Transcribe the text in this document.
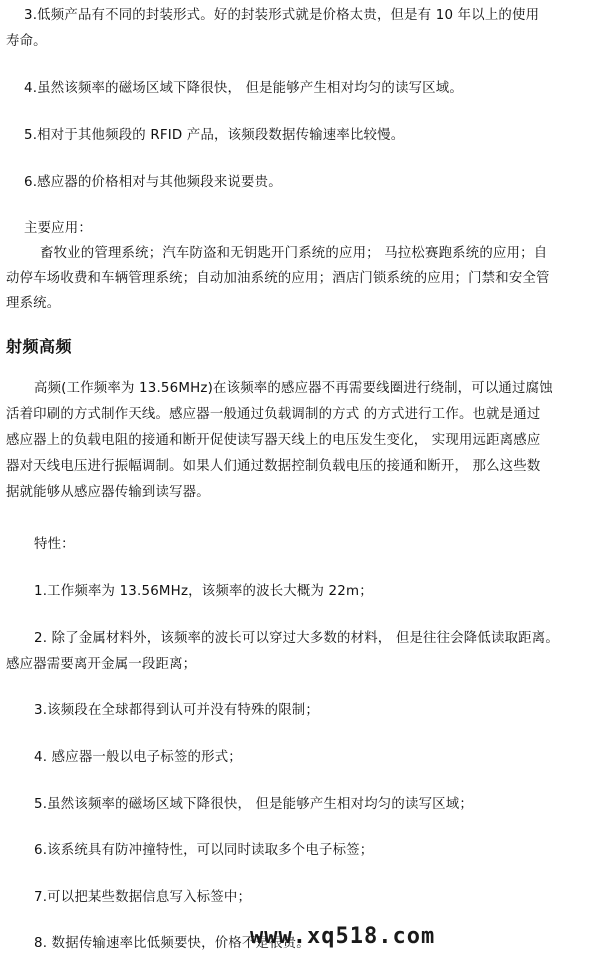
3.低频产品有不同的封装形式。好的封装形式就是价格太贵，但是有 10 年以上的使用
寿命。
4.虽然该频率的磁场区域下降很快， 但是能够产生相对均匀的读写区域。
5.相对于其他频段的 RFID 产品，该频段数据传输速率比较慢。
6.感应器的价格相对与其他频段来说要贵。
主要应用：
畜牧业的管理系统；汽车防盗和无钥匙开门系统的应用； 马拉松赛跑系统的应用；自
动停车场收费和车辆管理系统；自动加油系统的应用；酒店门锁系统的应用；门禁和安全管
理系统。
射频高频
高频(工作频率为 13.56MHz)在该频率的感应器不再需要线圈进行绕制，可以通过腐蚀
活着印刷的方式制作天线。感应器一般通过负载调制的方式 的方式进行工作。也就是通过
感应器上的负载电阻的接通和断开促使读写器天线上的电压发生变化， 实现用远距离感应
器对天线电压进行振幅调制。如果人们通过数据控制负载电压的接通和断开， 那么这些数
据就能够从感应器传输到读写器。
特性：
1.工作频率为 13.56MHz，该频率的波长大概为 22m；
2. 除了金属材料外，该频率的波长可以穿过大多数的材料， 但是往往会降低读取距离。
感应器需要离开金属一段距离；
3.该频段在全球都得到认可并没有特殊的限制；
4. 感应器一般以电子标签的形式；
5.虽然该频率的磁场区域下降很快， 但是能够产生相对均匀的读写区域；
6.该系统具有防冲撞特性，可以同时读取多个电子标签；
7.可以把某些数据信息写入标签中；
8. 数据传输速率比低频要快，价格不是很贵。
www.xq518.com
